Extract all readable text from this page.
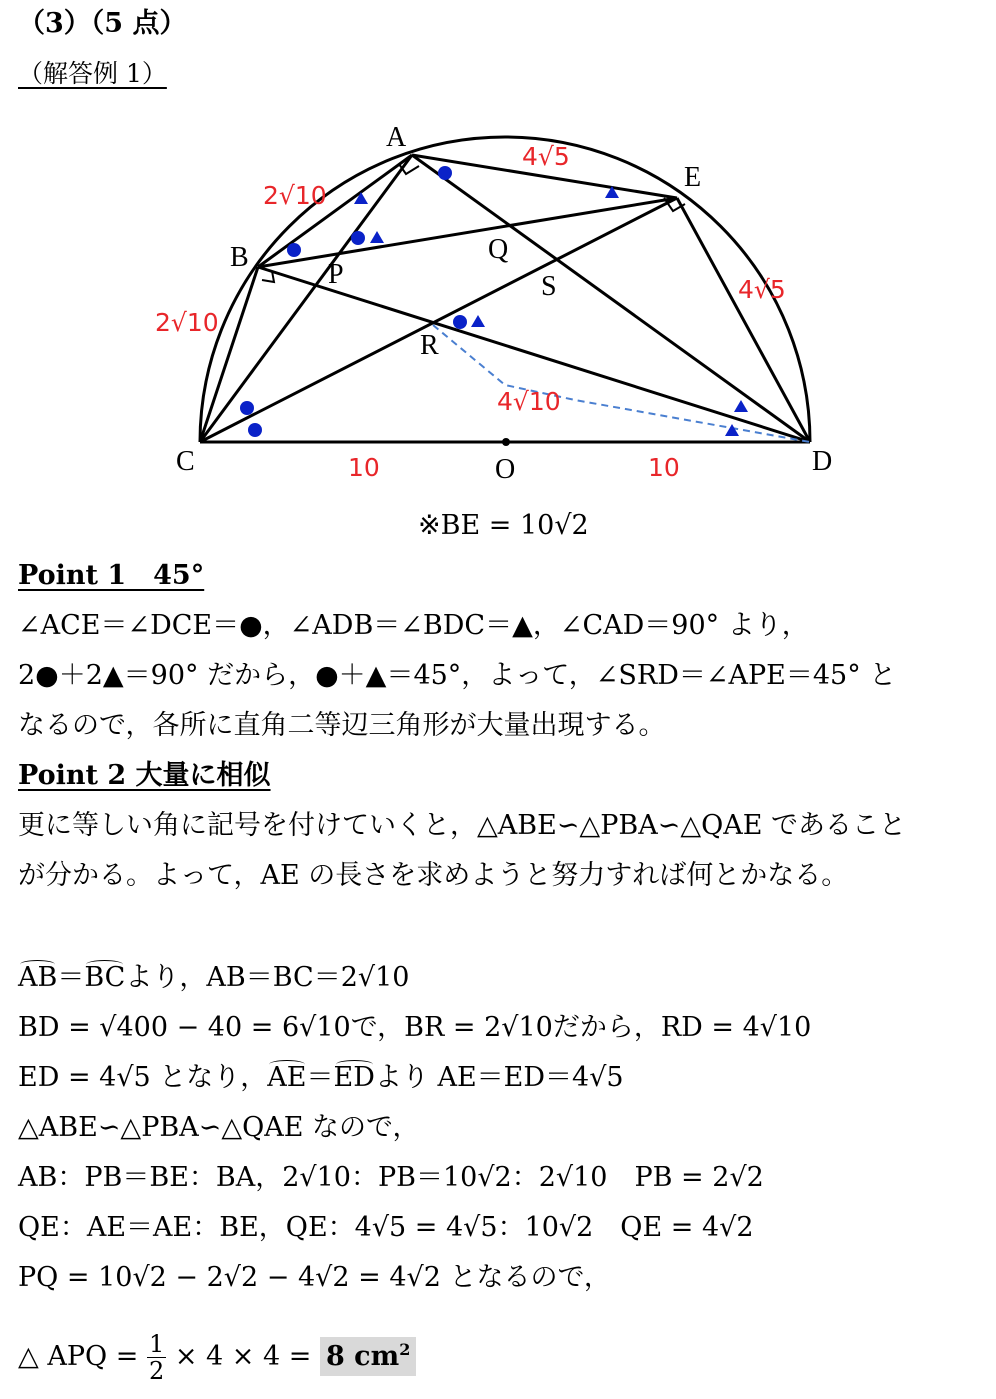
（3）（5 点）
（解答例 1）
A
B
C	D
E
O
P
Q
R
S
2√10
2√10
4√5
4√5
10	10
4√10
※BE = 10√2
Point 1　45°
∠ACE＝∠DCE＝●，∠ADB＝∠BDC＝▲，∠CAD＝90° より，
2●＋2▲＝90° だから，●＋▲＝45°，よって，∠SRD＝∠APE＝45° と
なるので，各所に直角二等辺三角形が大量出現する。
Point 2 大量に相似
更に等しい角に記号を付けていくと，△ABE∽△PBA∽△QAE であること
が分かる。よって，AE の長さを求めようと努力すれば何とかなる。
AB＝BCより，AB＝BC＝2√10
BD = √400 − 40 = 6√10で，BR = 2√10だから，RD = 4√10
ED = 4√5 となり，AE＝EDより AE＝ED＝4√5
△ABE∽△PBA∽△QAE なので，
AB：PB＝BE：BA，2√10：PB＝10√2：2√10　PB = 2√2
QE：AE＝AE：BE，QE：4√5 = 4√5：10√2　QE = 4√2
PQ = 10√2 − 2√2 − 4√2 = 4√2 となるので，
△ APQ = $\frac{1}{2} \times 4 \times 4 = 8$ $cm^2$
